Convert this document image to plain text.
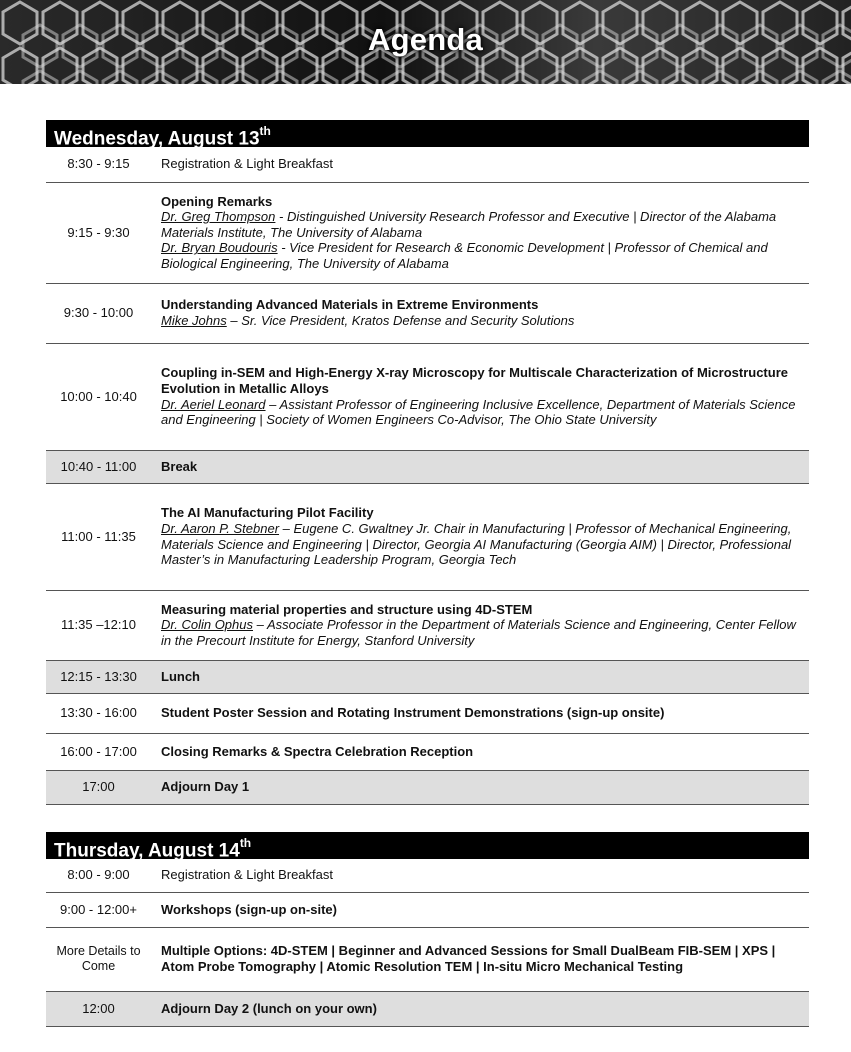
Agenda
Wednesday, August 13th
8:30 - 9:15	Registration & Light Breakfast
9:15 - 9:30	Opening Remarks
Dr. Greg Thompson - Distinguished University Research Professor and Executive | Director of the Alabama Materials Institute, The University of Alabama
Dr. Bryan Boudouris - Vice President for Research & Economic Development | Professor of Chemical and Biological Engineering, The University of Alabama

9:30 - 10:00	Understanding Advanced Materials in Extreme Environments
Mike Johns – Sr. Vice President, Kratos Defense and Security Solutions

10:00 - 10:40	Coupling in-SEM and High-Energy X-ray Microscopy for Multiscale Characterization of Microstructure Evolution in Metallic Alloys
Dr. Aeriel Leonard – Assistant Professor of Engineering Inclusive Excellence, Department of Materials Science and Engineering | Society of Women Engineers Co-Advisor, The Ohio State University

10:40 - 11:00	Break
11:00 - 11:35	The AI Manufacturing Pilot Facility
Dr. Aaron P. Stebner – Eugene C. Gwaltney Jr. Chair in Manufacturing | Professor of Mechanical Engineering, Materials Science and Engineering | Director, Georgia AI Manufacturing (Georgia AIM) | Director, Professional Master’s in Manufacturing Leadership Program, Georgia Tech

11:35 –12:10	Measuring material properties and structure using 4D-STEM
Dr. Colin Ophus – Associate Professor in the Department of Materials Science and Engineering, Center Fellow in the Precourt Institute for Energy, Stanford University

12:15 - 13:30	Lunch
13:30 - 16:00	Student Poster Session and Rotating Instrument Demonstrations (sign-up onsite)
16:00 - 17:00	Closing Remarks & Spectra Celebration Reception
17:00	Adjourn Day 1
Thursday, August 14th
8:00 - 9:00	Registration & Light Breakfast
9:00 - 12:00+	Workshops (sign-up on-site)
More Details to Come	Multiple Options: 4D-STEM | Beginner and Advanced Sessions for Small DualBeam FIB-SEM | XPS | Atom Probe Tomography | Atomic Resolution TEM | In-situ Micro Mechanical Testing
12:00	Adjourn Day 2 (lunch on your own)
